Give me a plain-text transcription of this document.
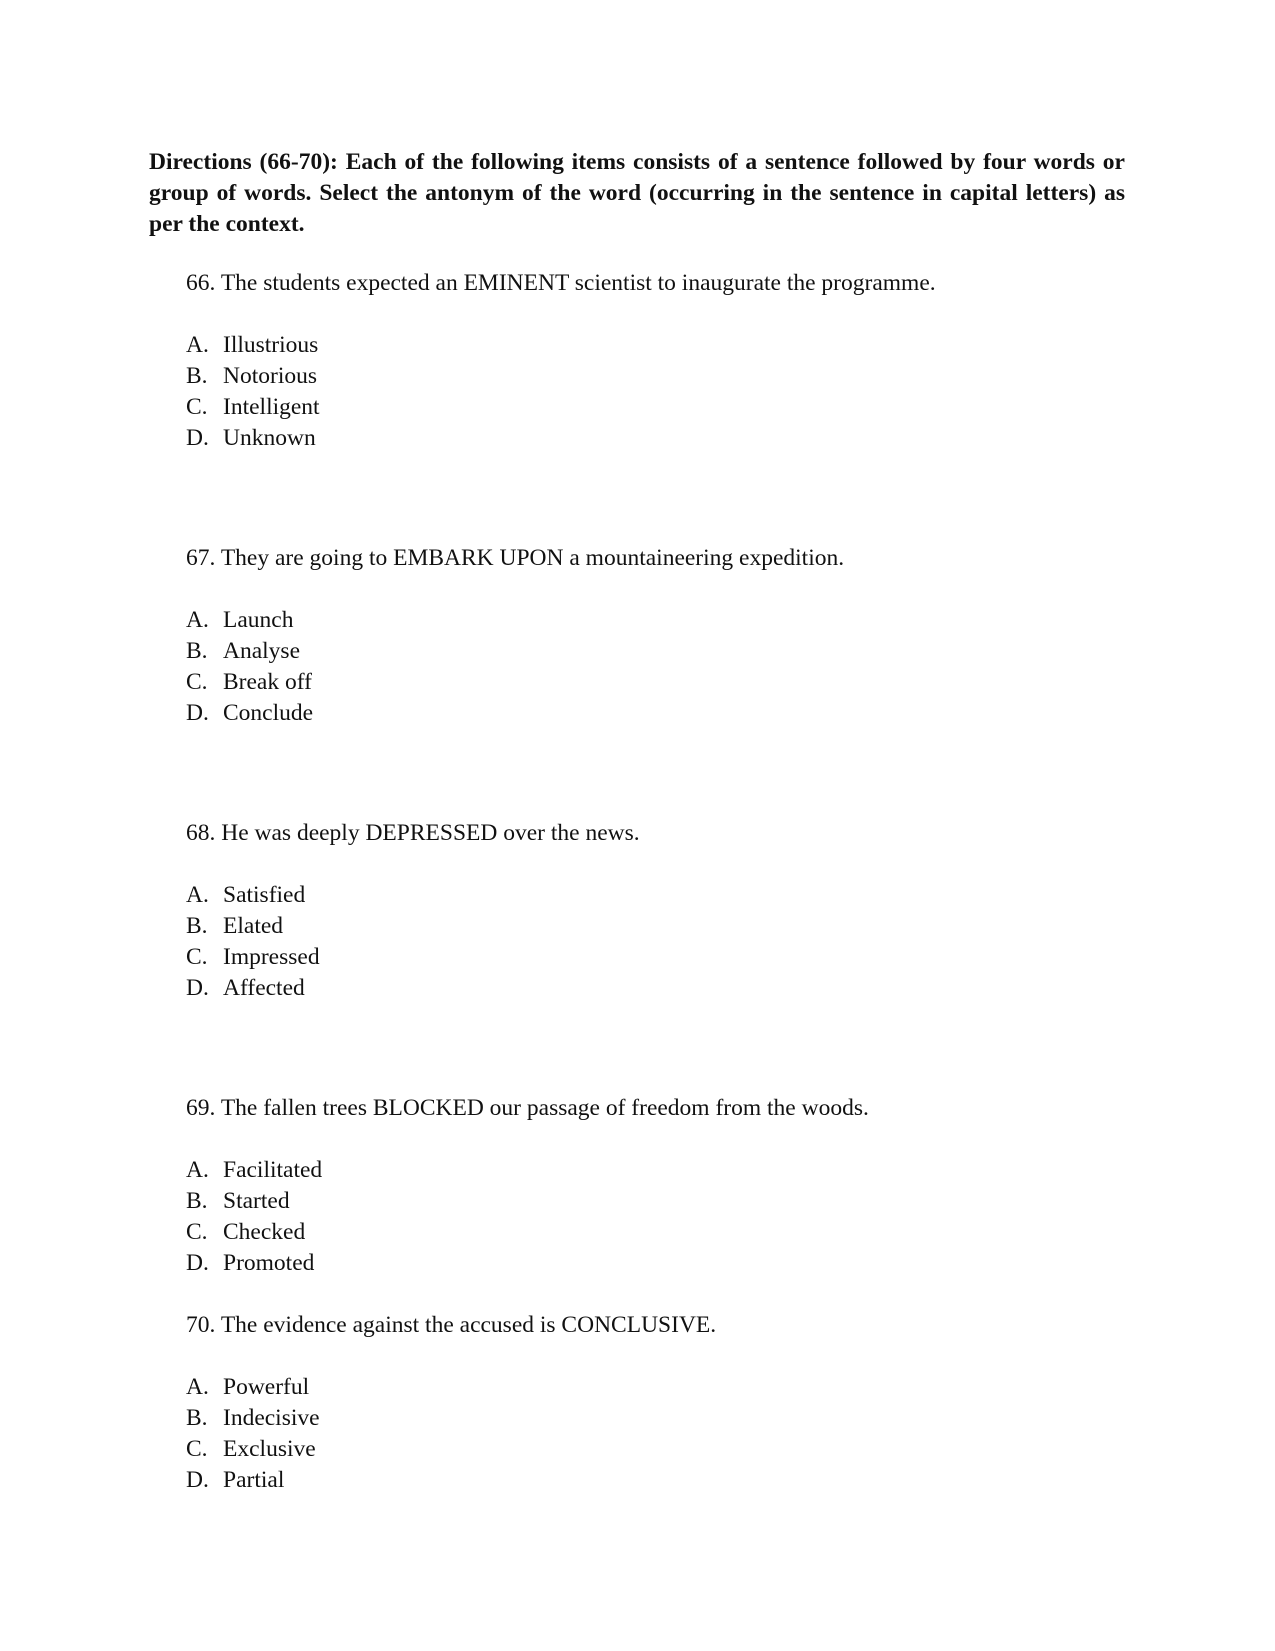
Directions (66-70): Each of the following items consists of a sentence followed by four words or group of words. Select the antonym of the word (occurring in the sentence in capital letters) as per the context.

66. The students expected an EMINENT scientist to inaugurate the programme.

A. Illustrious
B. Notorious
C. Intelligent
D. Unknown

67. They are going to EMBARK UPON a mountaineering expedition.

A. Launch
B. Analyse
C. Break off
D. Conclude

68. He was deeply DEPRESSED over the news.

A. Satisfied
B. Elated
C. Impressed
D. Affected

69. The fallen trees BLOCKED our passage of freedom from the woods.

A. Facilitated
B. Started
C. Checked
D. Promoted

70. The evidence against the accused is CONCLUSIVE.

A. Powerful
B. Indecisive
C. Exclusive
D. Partial
